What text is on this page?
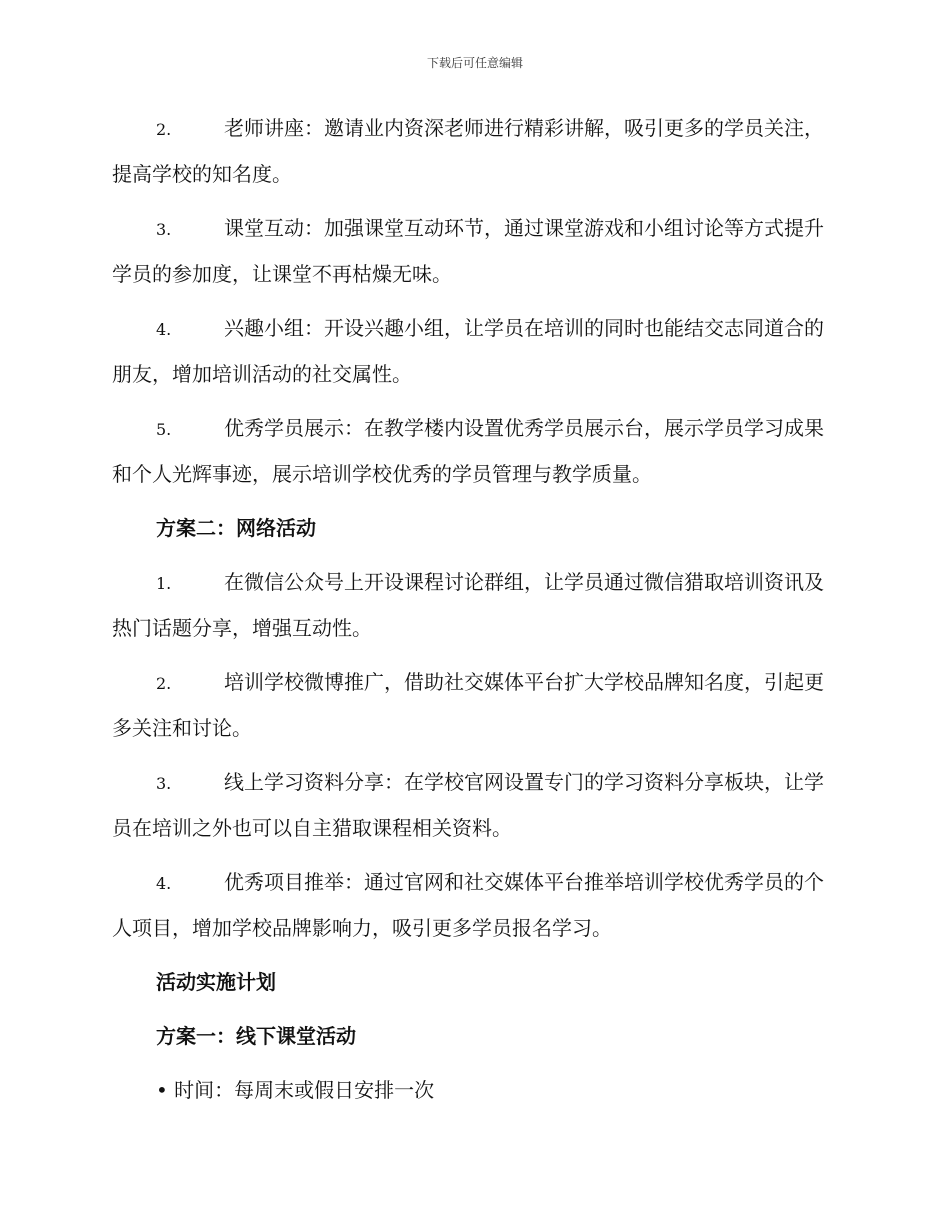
下载后可任意编辑

2.	老师讲座：邀请业内资深老师进行精彩讲解，吸引更多的学员关注，提高学校的知名度。

3.	课堂互动：加强课堂互动环节，通过课堂游戏和小组讨论等方式提升学员的参加度，让课堂不再枯燥无味。

4.	兴趣小组：开设兴趣小组，让学员在培训的同时也能结交志同道合的朋友，增加培训活动的社交属性。

5.	优秀学员展示：在教学楼内设置优秀学员展示台，展示学员学习成果和个人光辉事迹，展示培训学校优秀的学员管理与教学质量。

方案二：网络活动

1.	在微信公众号上开设课程讨论群组，让学员通过微信猎取培训资讯及热门话题分享，增强互动性。

2.	培训学校微博推广，借助社交媒体平台扩大学校品牌知名度，引起更多关注和讨论。

3.	线上学习资料分享：在学校官网设置专门的学习资料分享板块，让学员在培训之外也可以自主猎取课程相关资料。

4.	优秀项目推举：通过官网和社交媒体平台推举培训学校优秀学员的个人项目，增加学校品牌影响力，吸引更多学员报名学习。

活动实施计划

方案一：线下课堂活动

• 时间：每周末或假日安排一次
